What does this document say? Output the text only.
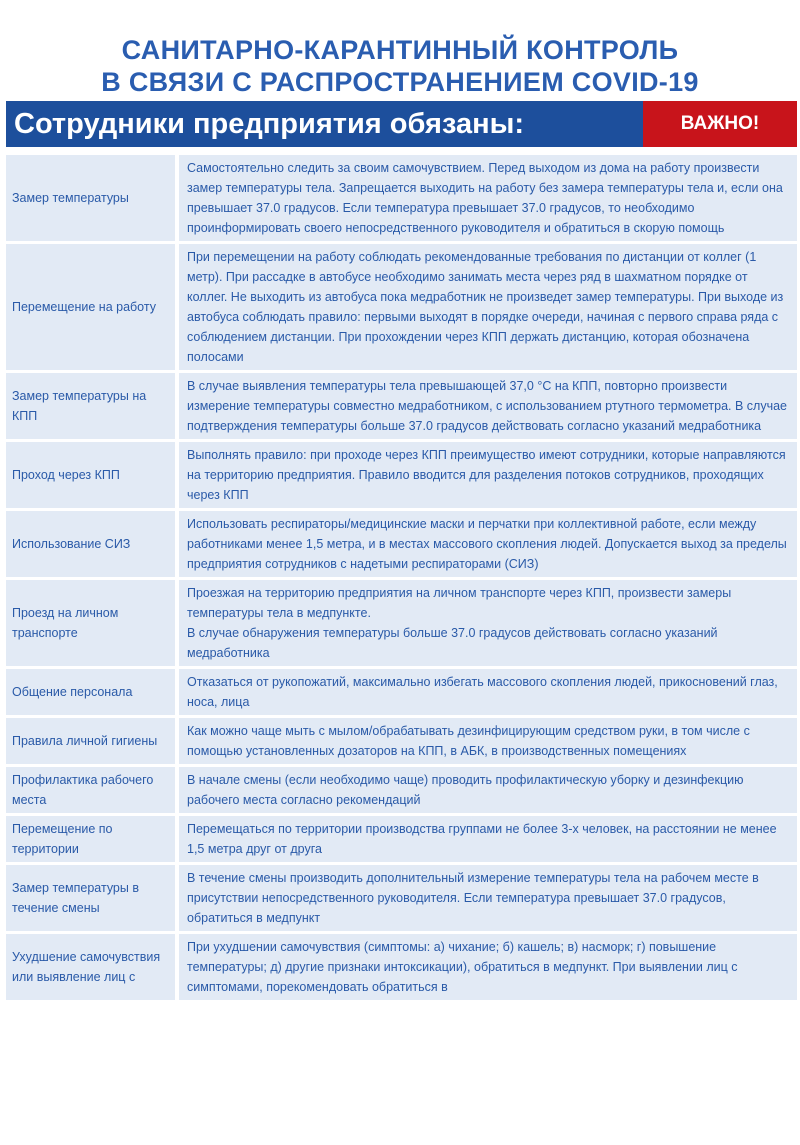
САНИТАРНО-КАРАНТИННЫЙ КОНТРОЛЬ
В СВЯЗИ С РАСПРОСТРАНЕНИЕМ COVID-19
Сотрудники предприятия обязаны:	ВАЖНО!
Замер температуры	Самостоятельно следить за своим самочувствием. Перед выходом из дома на работу произвести замер температуры тела. Запрещается выходить на работу без замера температуры тела и, если она превышает 37.0 градусов. Если температура превышает 37.0 градусов, то необходимо проинформировать своего непосредственного руководителя и обратиться в скорую помощь

Перемещение на работу	При перемещении на работу соблюдать рекомендованные требования по дистанции от коллег (1 метр). При рассадке в автобусе необходимо занимать места через ряд в шахматном порядке от коллег. Не выходить из автобуса пока медработник не произведет замер температуры. При выходе из автобуса соблюдать правило: первыми выходят в порядке очереди, начиная с первого справа ряда с соблюдением дистанции. При прохождении через КПП держать дистанцию, которая обозначена полосами

Замер температуры на КПП	В случае выявления температуры тела превышающей 37,0 °С на КПП, повторно произвести измерение температуры совместно медработником, с использованием ртутного термометра. В случае подтверждения температуры больше 37.0 градусов действовать согласно указаний медработника

Проход через КПП	Выполнять правило: при проходе через КПП преимущество имеют сотрудники, которые направляются на территорию предприятия. Правило вводится для разделения потоков сотрудников, проходящих через КПП

Использование СИЗ	Использовать респираторы/медицинские маски и перчатки при коллективной работе, если между работниками менее 1,5 метра, и в местах массового скопления людей. Допускается выход за пределы предприятия сотрудников с надетыми респираторами (СИЗ)

Проезд на личном транспорте	Проезжая на территорию предприятия на личном транспорте через КПП, произвести замеры температуры тела в медпункте.
В случае обнаружения температуры больше 37.0 градусов действовать согласно указаний медработника

Общение персонала	Отказаться от рукопожатий, максимально избегать массового скопления людей, прикосновений глаз, носа, лица

Правила личной гигиены	Как можно чаще мыть с мылом/обрабатывать дезинфицирующим средством руки, в том числе с помощью установленных дозаторов на КПП, в АБК, в производственных помещениях

Профилактика рабочего места	В начале смены (если необходимо чаще) проводить профилактическую уборку и дезинфекцию рабочего места согласно рекомендаций

Перемещение по территории	Перемещаться по территории производства группами не более 3-х человек, на расстоянии не менее 1,5 метра друг от друга

Замер температуры в течение смены	В течение смены производить дополнительный измерение температуры тела на рабочем месте в присутствии непосредственного руководителя. Если температура превышает 37.0 градусов, обратиться в медпункт

Ухудшение самочувствия или выявление лиц с	При ухудшении самочувствия (симптомы: а) чихание; б) кашель; в) насморк; г) повышение температуры; д) другие признаки интоксикации), обратиться в медпункт. При выявлении лиц с симптомами, порекомендовать обратиться в
